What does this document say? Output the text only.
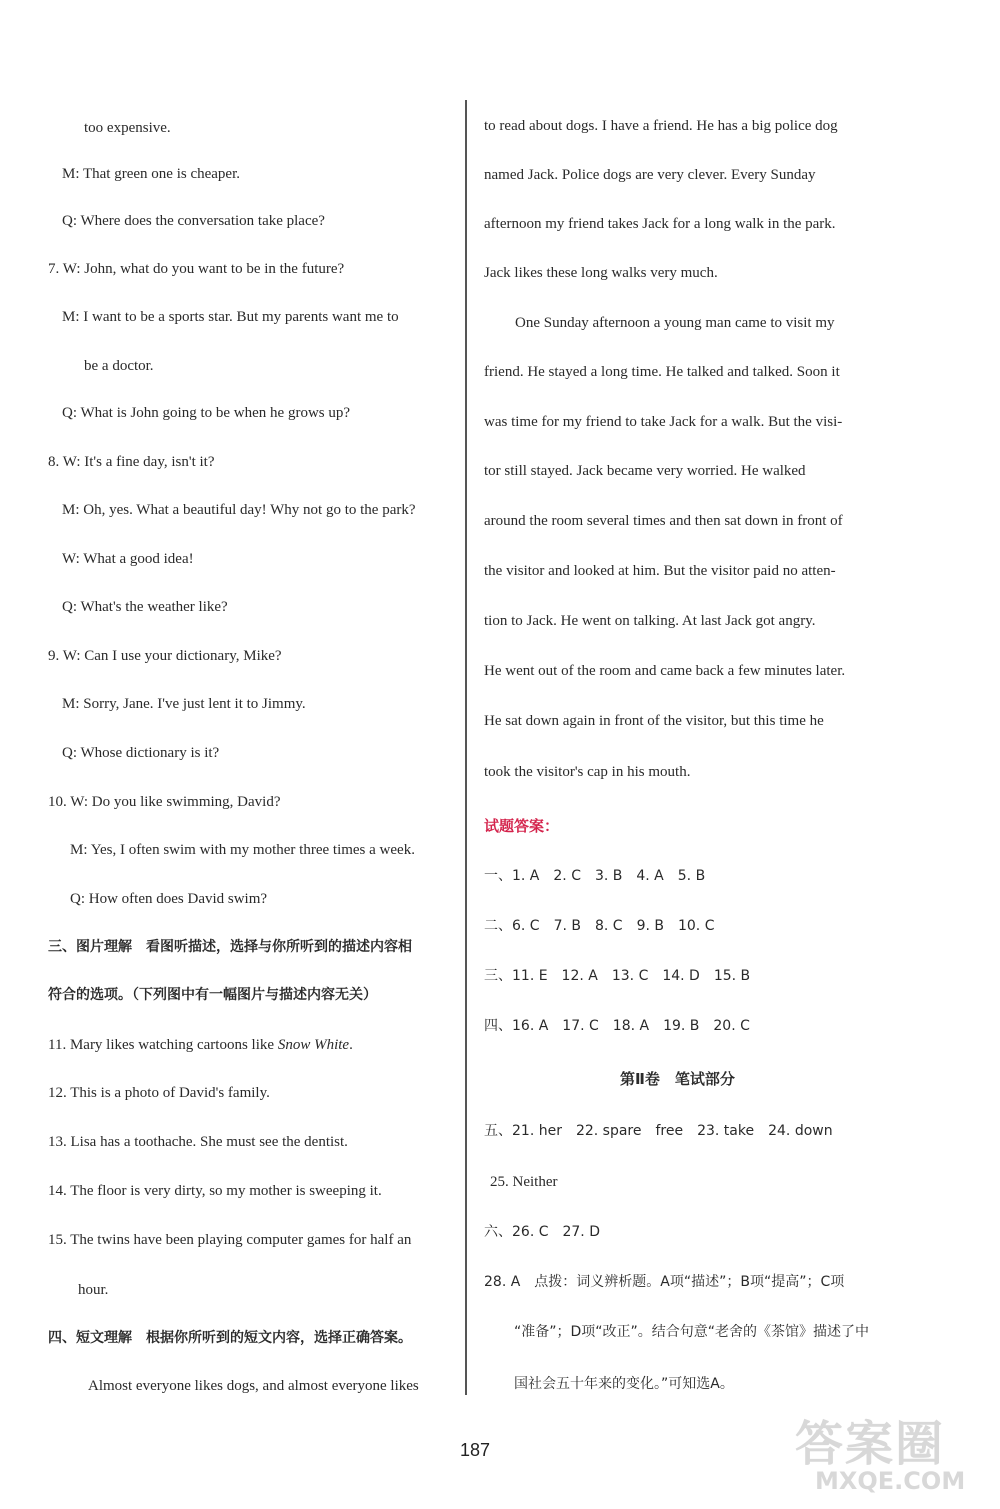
too expensive.
M: That green one is cheaper.
Q: Where does the conversation take place?
7. W: John, what do you want to be in the future?
M: I want to be a sports star. But my parents want me to
be a doctor.
Q: What is John going to be when he grows up?
8. W: It's a fine day, isn't it?
M: Oh, yes. What a beautiful day! Why not go to the park?
W: What a good idea!
Q: What's the weather like?
9. W: Can I use your dictionary, Mike?
M: Sorry, Jane. I've just lent it to Jimmy.
Q: Whose dictionary is it?
10. W: Do you like swimming, David?
M: Yes, I often swim with my mother three times a week.
Q: How often does David swim?
三、图片理解　看图听描述，选择与你所听到的描述内容相
符合的选项。（下列图中有一幅图片与描述内容无关）
11. Mary likes watching cartoons like Snow White.
12. This is a photo of David's family.
13. Lisa has a toothache. She must see the dentist.
14. The floor is very dirty, so my mother is sweeping it.
15. The twins have been playing computer games for half an
hour.
四、短文理解　根据你所听到的短文内容，选择正确答案。
Almost everyone likes dogs, and almost everyone likes
to read about dogs. I have a friend. He has a big police dog
named Jack. Police dogs are very clever. Every Sunday
afternoon my friend takes Jack for a long walk in the park.
Jack likes these long walks very much.
One Sunday afternoon a young man came to visit my
friend. He stayed a long time. He talked and talked. Soon it
was time for my friend to take Jack for a walk. But the visi-
tor still stayed. Jack became very worried. He walked
around the room several times and then sat down in front of
the visitor and looked at him. But the visitor paid no atten-
tion to Jack. He went on talking. At last Jack got angry.
He went out of the room and came back a few minutes later.
He sat down again in front of the visitor, but this time he
took the visitor's cap in his mouth.
试题答案：
一、1. A　2. C　3. B　4. A　5. B
二、6. C　7. B　8. C　9. B　10. C
三、11. E　12. A　13. C　14. D　15. B
四、16. A　17. C　18. A　19. B　20. C
第Ⅱ卷　笔试部分
五、21. her　22. spare　free　23. take　24. down
25. Neither
六、26. C　27. D
28. A　点拨：词义辨析题。A项“描述”；B项“提高”；C项
“准备”；D项“改正”。结合句意“老舍的《茶馆》描述了中
国社会五十年来的变化。”可知选A。
187	答案圈
MXQE.COM
